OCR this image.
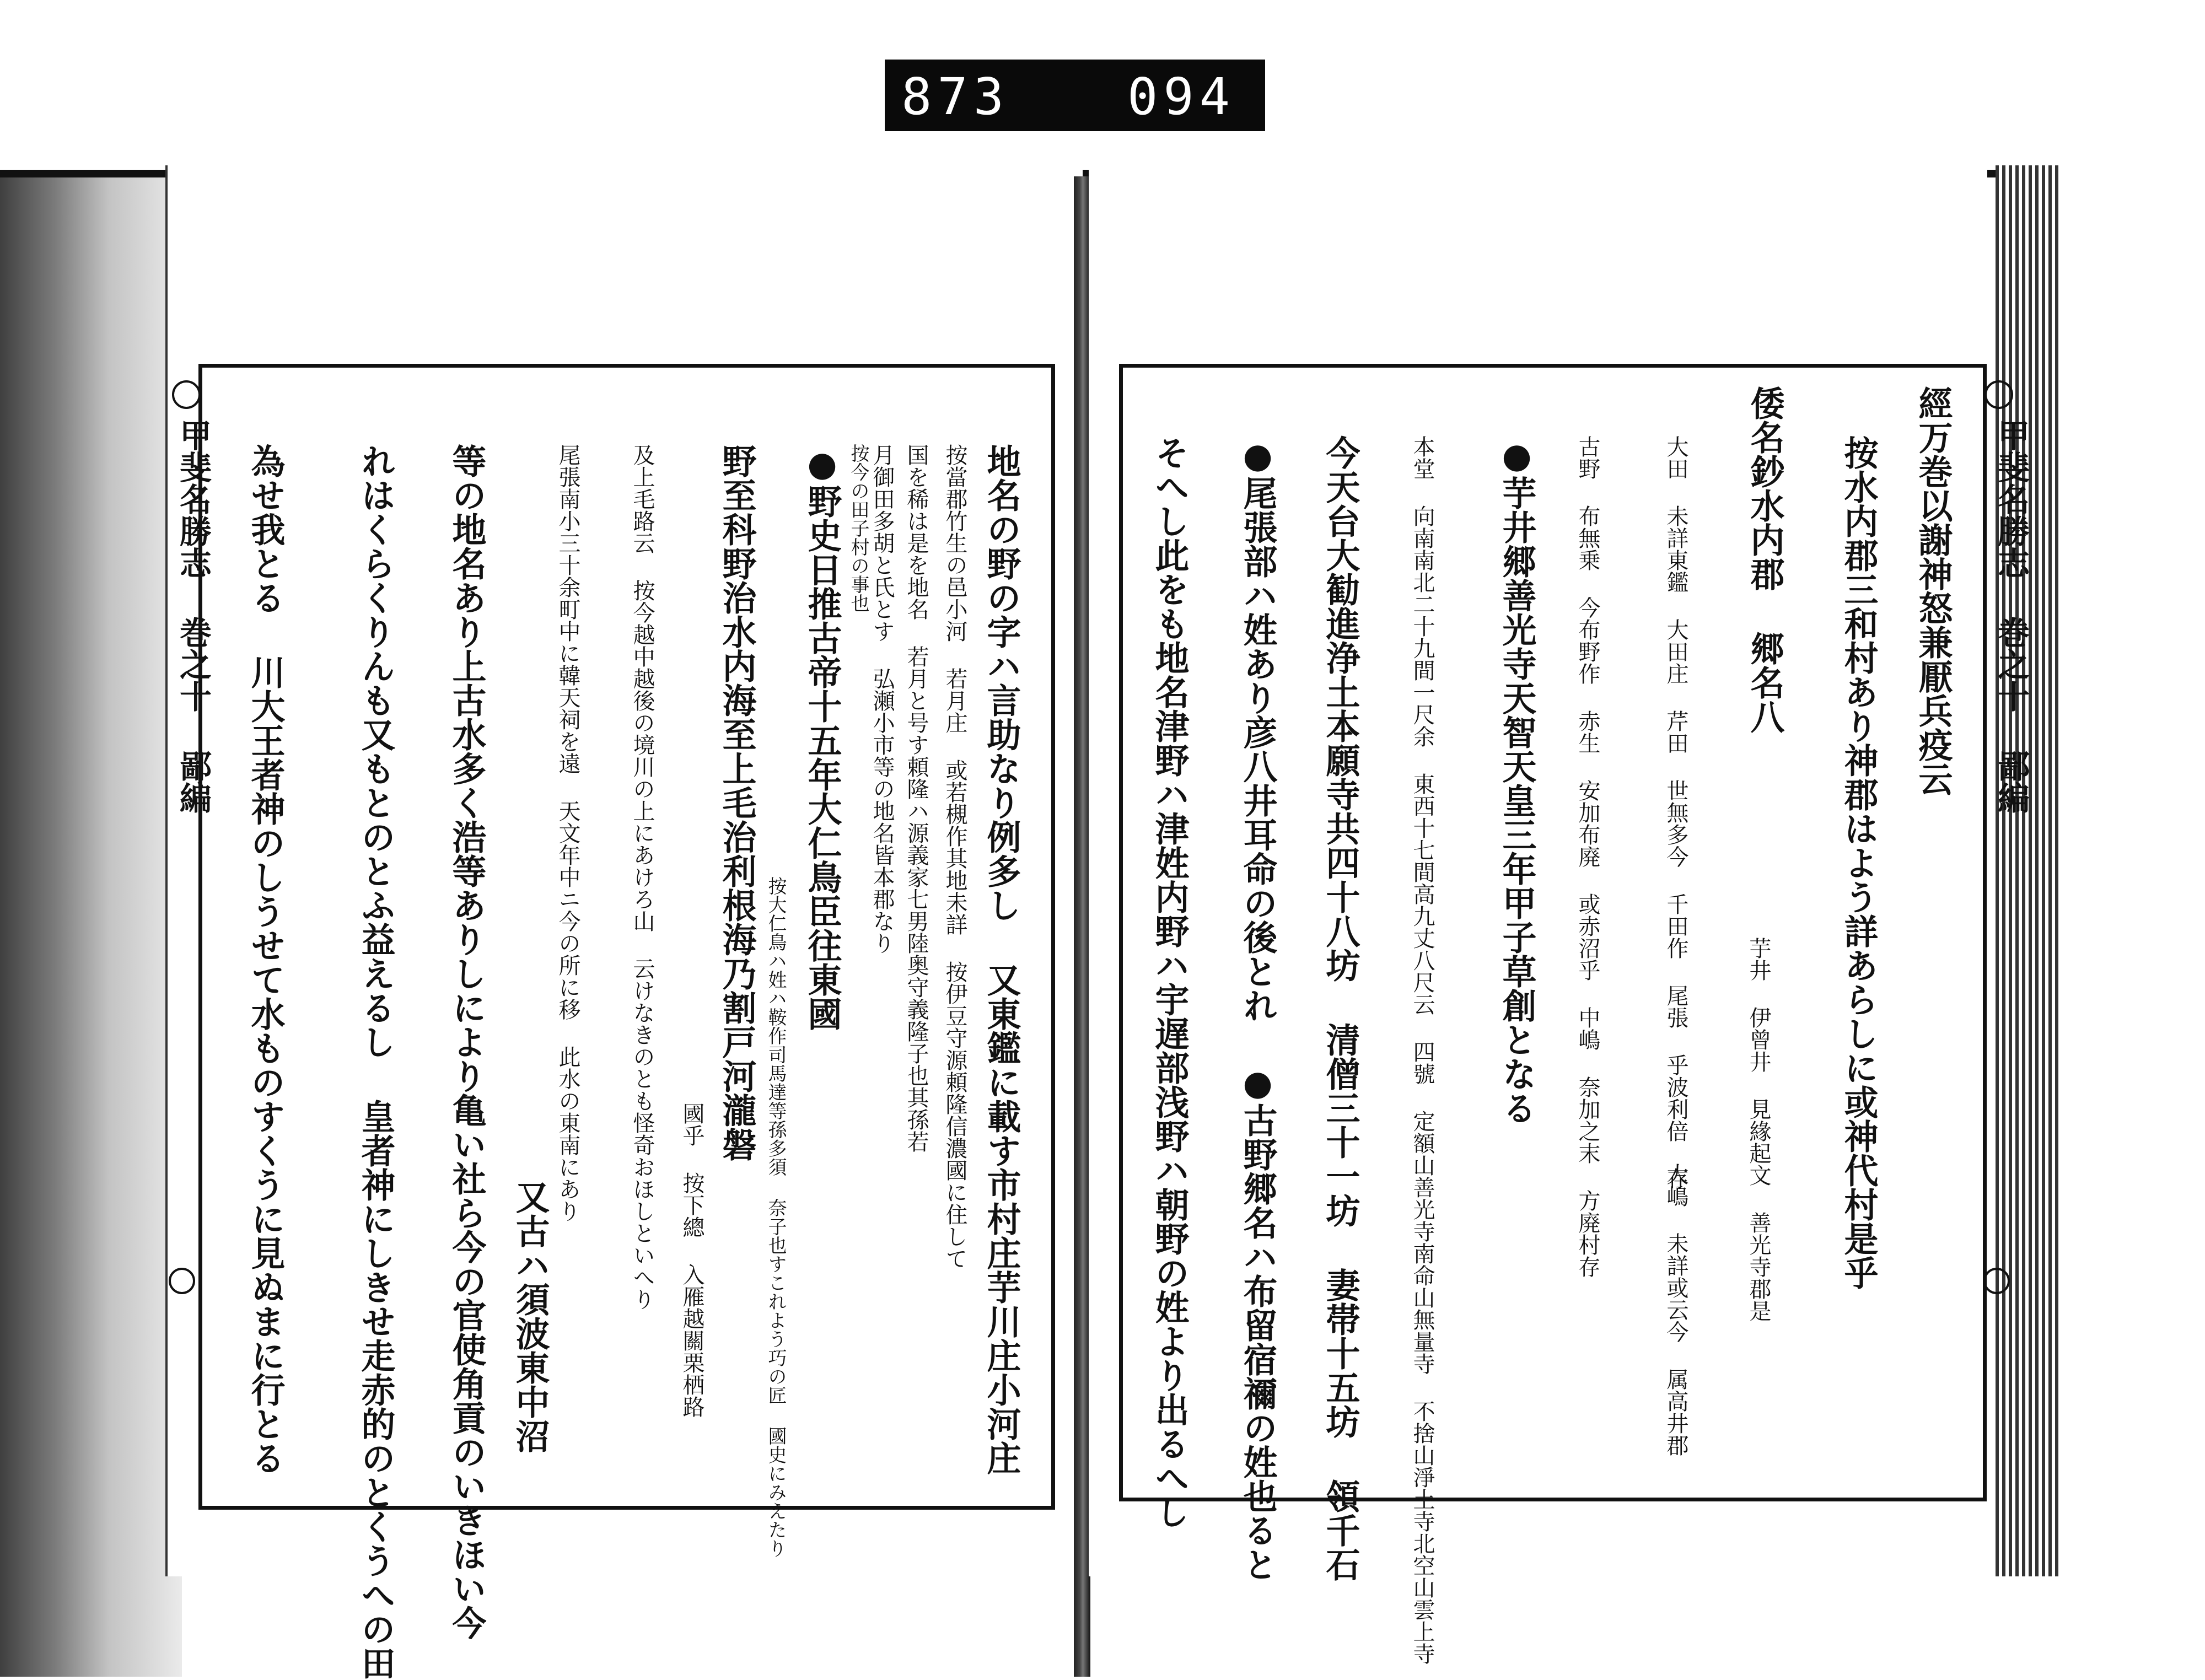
873 094
甲斐名勝志 巻之十 鄙編	地名の野の字ハ言助なり例多し 又東鑑に載す市村庄芋川庄小河庄
按當郡竹生の邑小河 若月庄 或若槻作其地未詳 按伊豆守源頼隆信濃國に住して
国を稀は是を地名 若月と号す頼隆ハ源義家七男陸奥守義隆子也其孫若
月御田多胡と氏とす 弘瀬小市等の地名皆本郡なり
按今の田子村の事也
●野史日推古帝十五年大仁鳥臣往東國
按大仁鳥ハ姓ハ鞍作司馬達等孫多須 奈子也すこれよう巧の匠 國史にみえたり
野至科野治水内海至上毛治利根海乃割戸河瀧磐
國乎 按下總 入雁越關栗栖路
及上毛路云 按今越中越後の境川の上にあけろ山 云けなきのとも怪奇おほしといへり
尾張南小三十余町中に韓天祠を遠 天文年中ニ今の所に移 此水の東南にあり
又古ハ須波東中沼
等の地名あり上古水多く浩等ありしにより亀い社ら今の官使角貢のいきほい今
れはくらくりんも又もとのとふ益えるし 皇者神にしきせ走赤的のとくうへの田
為せ我とる 川大王者神のしうせて水ものすくうに見ぬまに行とる	甲斐名勝志 巻之十 鄙編
經万巻以謝神怒兼厭兵疫云
按水内郡三和村あり神郡はよう詳あらしに或神代村是乎
倭名鈔水内郡 郷名八
芋井 伊曾井 見緣起文 善光寺郡是
大田 未詳東鑑 大田庄 芹田 世無多今 千田作 尾張 乎波利倍 存
古野 布無乗 今布野作 赤生 安加布廃 或赤沼乎 中嶋 奈加之末 方廃村存
大嶋 未詳或云今 属高井郡
●芋井郷善光寺天智天皇三年甲子草創となる
本堂 向南南北二十九間一尺余 東西十七間高九丈八尺云 四號 定額山善光寺南命山無量寺 不捨山淨土寺北空山雲上寺
今天台大勧進浄土本願寺共四十八坊 清僧三十一坊 妻帯十五坊 領千石
●尾張部ハ姓あり彦八井耳命の後とれ ●古野郷名ハ布留宿禰の姓也ると
そへし此をも地名津野ハ津姓内野ハ宇遅部浅野ハ朝野の姓より出るへし
